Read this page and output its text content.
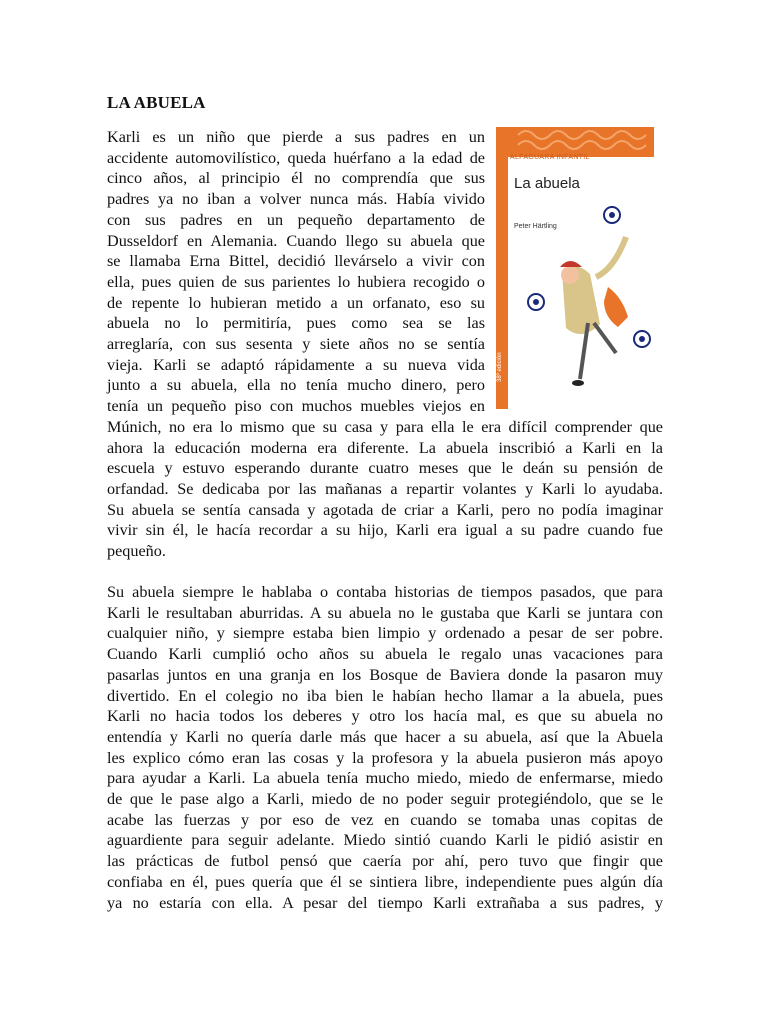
LA ABUELA
Karli es un niño que pierde a sus padres en un
accidente automovilístico, queda huérfano a la edad de
cinco años, al principio él no comprendía que sus
padres ya no iban a volver nunca más. Había vivido
con sus padres en un pequeño departamento de
Dusseldorf en Alemania. Cuando llego su abuela que
se llamaba Erna Bittel, decidió llevárselo a vivir con
ella, pues quien de sus parientes lo hubiera recogido o
de repente lo hubieran metido a un orfanato, eso su
abuela no lo permitiría, pues como sea se las
arreglaría, con sus sesenta y siete años no se sentía
vieja. Karli se adaptó rápidamente a su nueva vida
junto a su abuela, ella no tenía mucho dinero, pero
tenía un pequeño piso con muchos muebles viejos en
38º edición
ALFAGUARA INFANTIL
La abuela
Peter Härtling
Múnich, no era lo mismo que su casa y para ella le era difícil comprender que
ahora la educación moderna era diferente. La abuela inscribió a Karli en la
escuela y estuvo esperando durante cuatro meses que le deán su pensión de
orfandad. Se dedicaba por las mañanas a repartir volantes y Karli lo ayudaba.
Su abuela se sentía cansada y agotada de criar a Karli, pero no podía imaginar
vivir sin él, le hacía recordar a su hijo, Karli era igual a su padre cuando fue
pequeño.
Su abuela siempre le hablaba o contaba historias de tiempos pasados, que para
Karli le resultaban aburridas. A su abuela no le gustaba que Karli se juntara con
cualquier niño, y siempre estaba bien limpio y ordenado a pesar de ser pobre.
Cuando Karli cumplió ocho años su abuela le regalo unas vacaciones para
pasarlas juntos en una granja en los Bosque de Baviera donde la pasaron muy
divertido. En el colegio no iba bien le habían hecho llamar a la abuela, pues
Karli no hacia todos los deberes y otro los hacía mal, es que su abuela no
entendía y Karli no quería darle más que hacer a su abuela, así que la Abuela
les explico cómo eran las cosas y la profesora y la abuela pusieron más apoyo
para ayudar a Karli. La abuela tenía mucho miedo, miedo de enfermarse, miedo
de que le pase algo a Karli, miedo de no poder seguir protegiéndolo, que se le
acabe las fuerzas y por eso de vez en cuando se tomaba unas copitas de
aguardiente para seguir adelante. Miedo sintió cuando Karli le pidió asistir en
las prácticas de futbol pensó que caería por ahí, pero tuvo que fingir que
confiaba en él, pues quería que él se sintiera libre, independiente pues algún día
ya no estaría con ella. A pesar del tiempo Karli extrañaba a sus padres, y
